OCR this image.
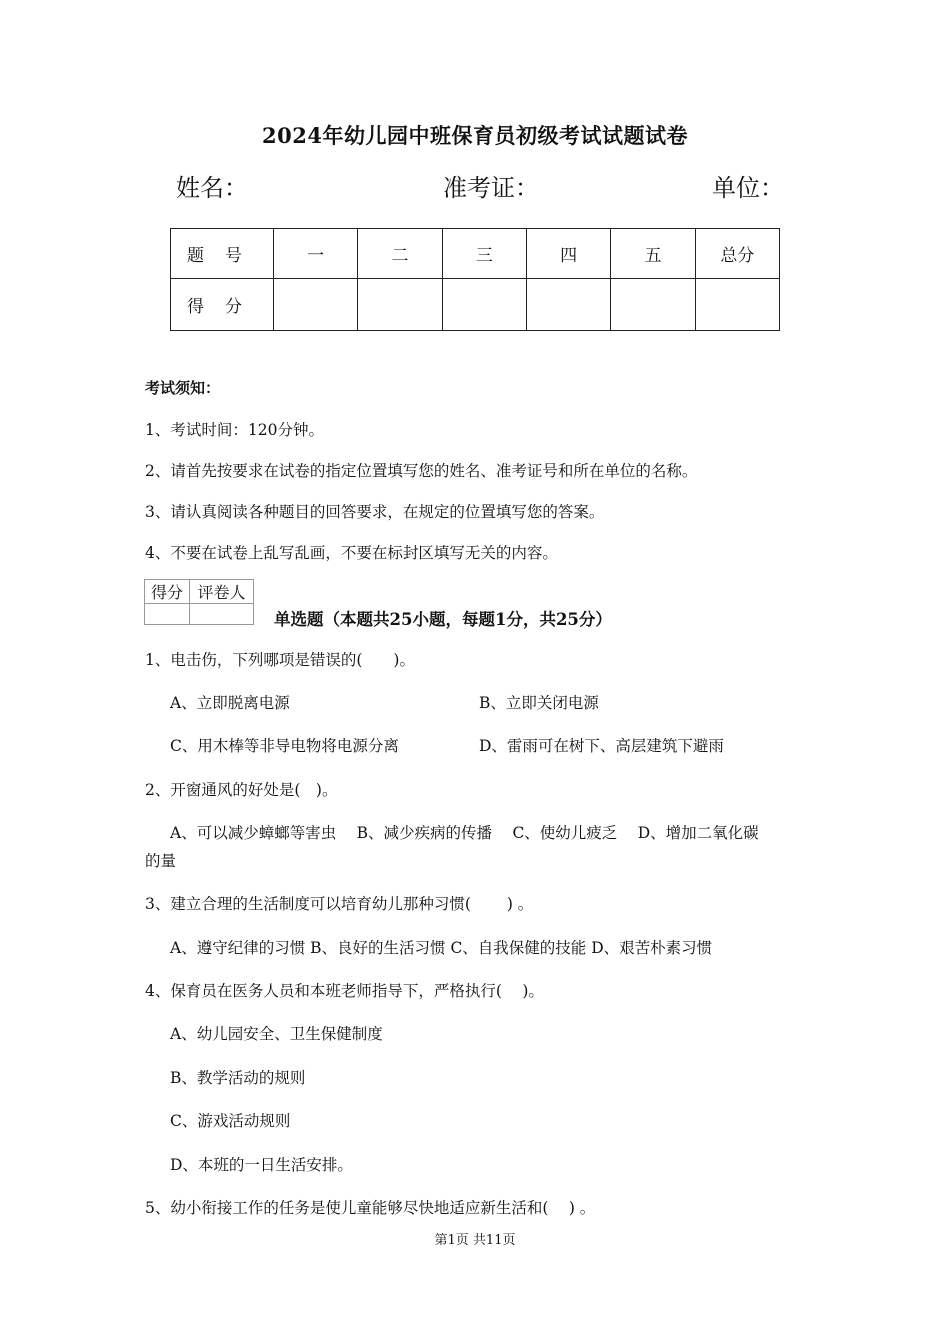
2024年幼儿园中班保育员初级考试试题试卷
姓名：	准考证：	单位：
题　号	一	二	三	四	五	总分
得　分						
考试须知：
1、考试时间：120分钟。
2、请首先按要求在试卷的指定位置填写您的姓名、准考证号和所在单位的名称。
3、请认真阅读各种题目的回答要求，在规定的位置填写您的答案。
4、不要在试卷上乱写乱画，不要在标封区填写无关的内容。
得分	评卷人

单选题（本题共25小题，每题1分，共25分）
1、电击伤，下列哪项是错误的(　　)。
A、立即脱离电源	B、立即关闭电源
C、用木棒等非导电物将电源分离	D、雷雨可在树下、高层建筑下避雨
2、开窗通风的好处是(　)。
A、可以减少蟑螂等害虫　 B、减少疾病的传播　 C、使幼儿疲乏　 D、增加二氧化碳
的量
3、建立合理的生活制度可以培育幼儿那种习惯(　　 ) 。
A、遵守纪律的习惯 B、良好的生活习惯 C、自我保健的技能 D、艰苦朴素习惯
4、保育员在医务人员和本班老师指导下，严格执行(　 )。
A、幼儿园安全、卫生保健制度
B、教学活动的规则
C、游戏活动规则
D、本班的一日生活安排。
5、幼小衔接工作的任务是使儿童能够尽快地适应新生活和(　 ) 。
第1页 共11页
